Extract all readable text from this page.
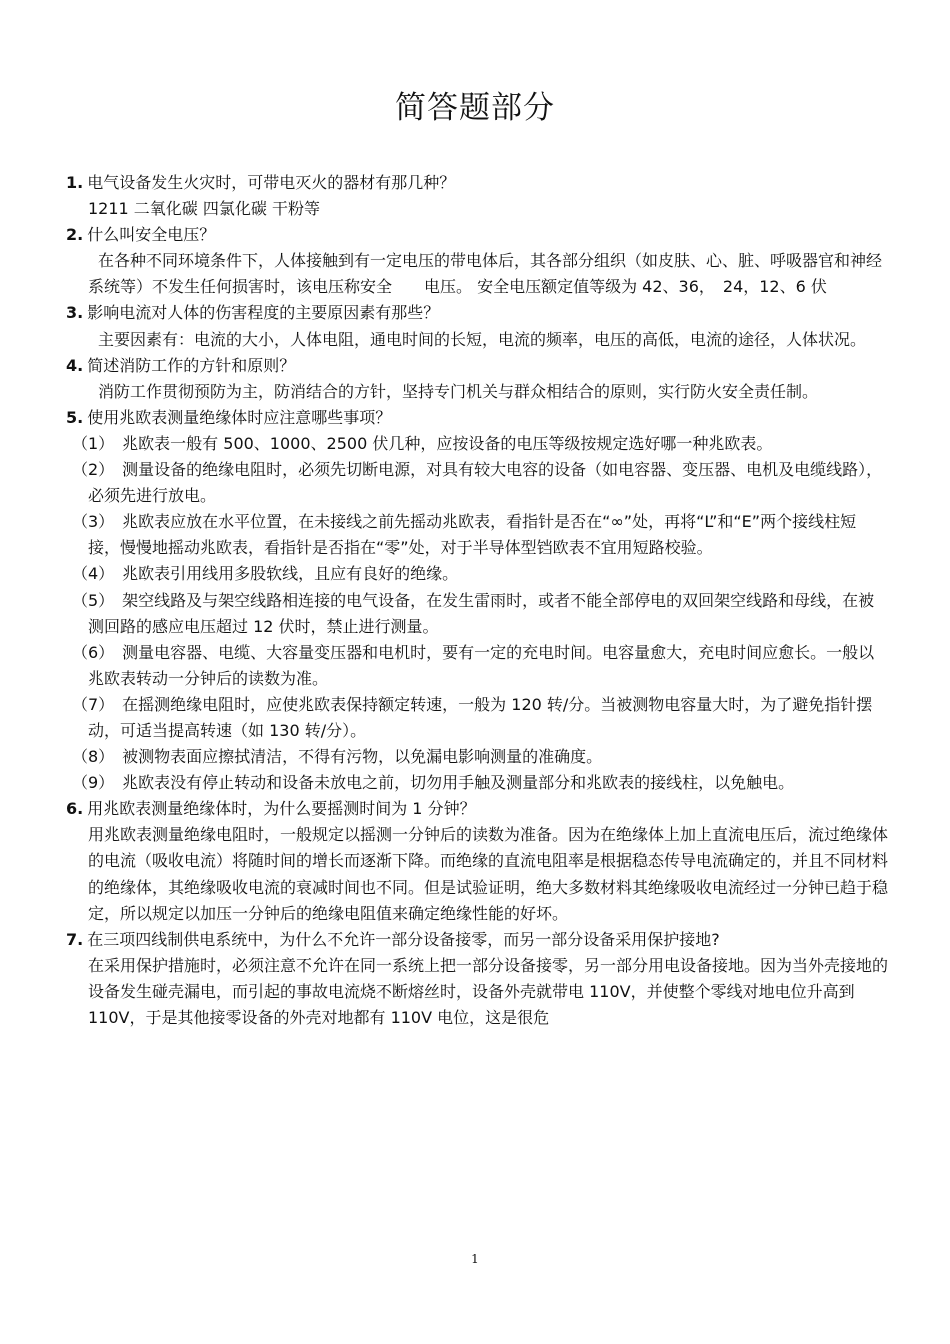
简答题部分

1. 电气设备发生火灾时，可带电灭火的器材有那几种？

1211 二氧化碳 四氯化碳 干粉等

2. 什么叫安全电压？

在各种不同环境条件下，人体接触到有一定电压的带电体后，其各部分组织（如皮肤、心、脏、呼吸器官和神经系统等）不发生任何损害时，该电压称安全　　电压。 安全电压额定值等级为 42、36，　24，12、6 伏

3. 影响电流对人体的伤害程度的主要原因素有那些？

主要因素有：电流的大小，人体电阻，通电时间的长短，电流的频率，电压的高低，电流的途径，人体状况。

4. 简述消防工作的方针和原则？

消防工作贯彻预防为主，防消结合的方针，坚持专门机关与群众相结合的原则，实行防火安全责任制。

5. 使用兆欧表测量绝缘体时应注意哪些事项？

（1）　兆欧表一般有 500、1000、2500 伏几种，应按设备的电压等级按规定选好哪一种兆欧表。

（2）　测量设备的绝缘电阻时，必须先切断电源，对具有较大电容的设备（如电容器、变压器、电机及电缆线路），必须先进行放电。

（3）　兆欧表应放在水平位置，在未接线之前先摇动兆欧表，看指针是否在“∞”处，再将“L”和“E”两个接线柱短接，慢慢地摇动兆欧表，看指针是否指在“零”处，对于半导体型铛欧表不宜用短路校验。

（4）　兆欧表引用线用多股软线，且应有良好的绝缘。

（5）　架空线路及与架空线路相连接的电气设备，在发生雷雨时，或者不能全部停电的双回架空线路和母线，在被测回路的感应电压超过 12 伏时，禁止进行测量。

（6）　测量电容器、电缆、大容量变压器和电机时，要有一定的充电时间。电容量愈大，充电时间应愈长。一般以兆欧表转动一分钟后的读数为准。

（7）　在摇测绝缘电阻时，应使兆欧表保持额定转速，一般为 120 转/分。当被测物电容量大时，为了避免指针摆动，可适当提高转速（如 130 转/分）。

（8）　被测物表面应擦拭清洁，不得有污物，以免漏电影响测量的准确度。

（9）　兆欧表没有停止转动和设备未放电之前，切勿用手触及测量部分和兆欧表的接线柱，以免触电。

6. 用兆欧表测量绝缘体时，为什么要摇测时间为 1 分钟？

用兆欧表测量绝缘电阻时，一般规定以摇测一分钟后的读数为准备。因为在绝缘体上加上直流电压后，流过绝缘体的电流（吸收电流）将随时间的增长而逐渐下降。而绝缘的直流电阻率是根据稳态传导电流确定的，并且不同材料的绝缘体，其绝缘吸收电流的衰减时间也不同。但是试验证明，绝大多数材料其绝缘吸收电流经过一分钟已趋于稳定，所以规定以加压一分钟后的绝缘电阻值来确定绝缘性能的好坏。

7. 在三项四线制供电系统中，为什么不允许一部分设备接零，而另一部分设备采用保护接地?

在采用保护措施时，必须注意不允许在同一系统上把一部分设备接零，另一部分用电设备接地。因为当外壳接地的设备发生碰壳漏电，而引起的事故电流烧不断熔丝时，设备外壳就带电 110V，并使整个零线对地电位升高到 110V，于是其他接零设备的外壳对地都有 110V 电位，这是很危

1
